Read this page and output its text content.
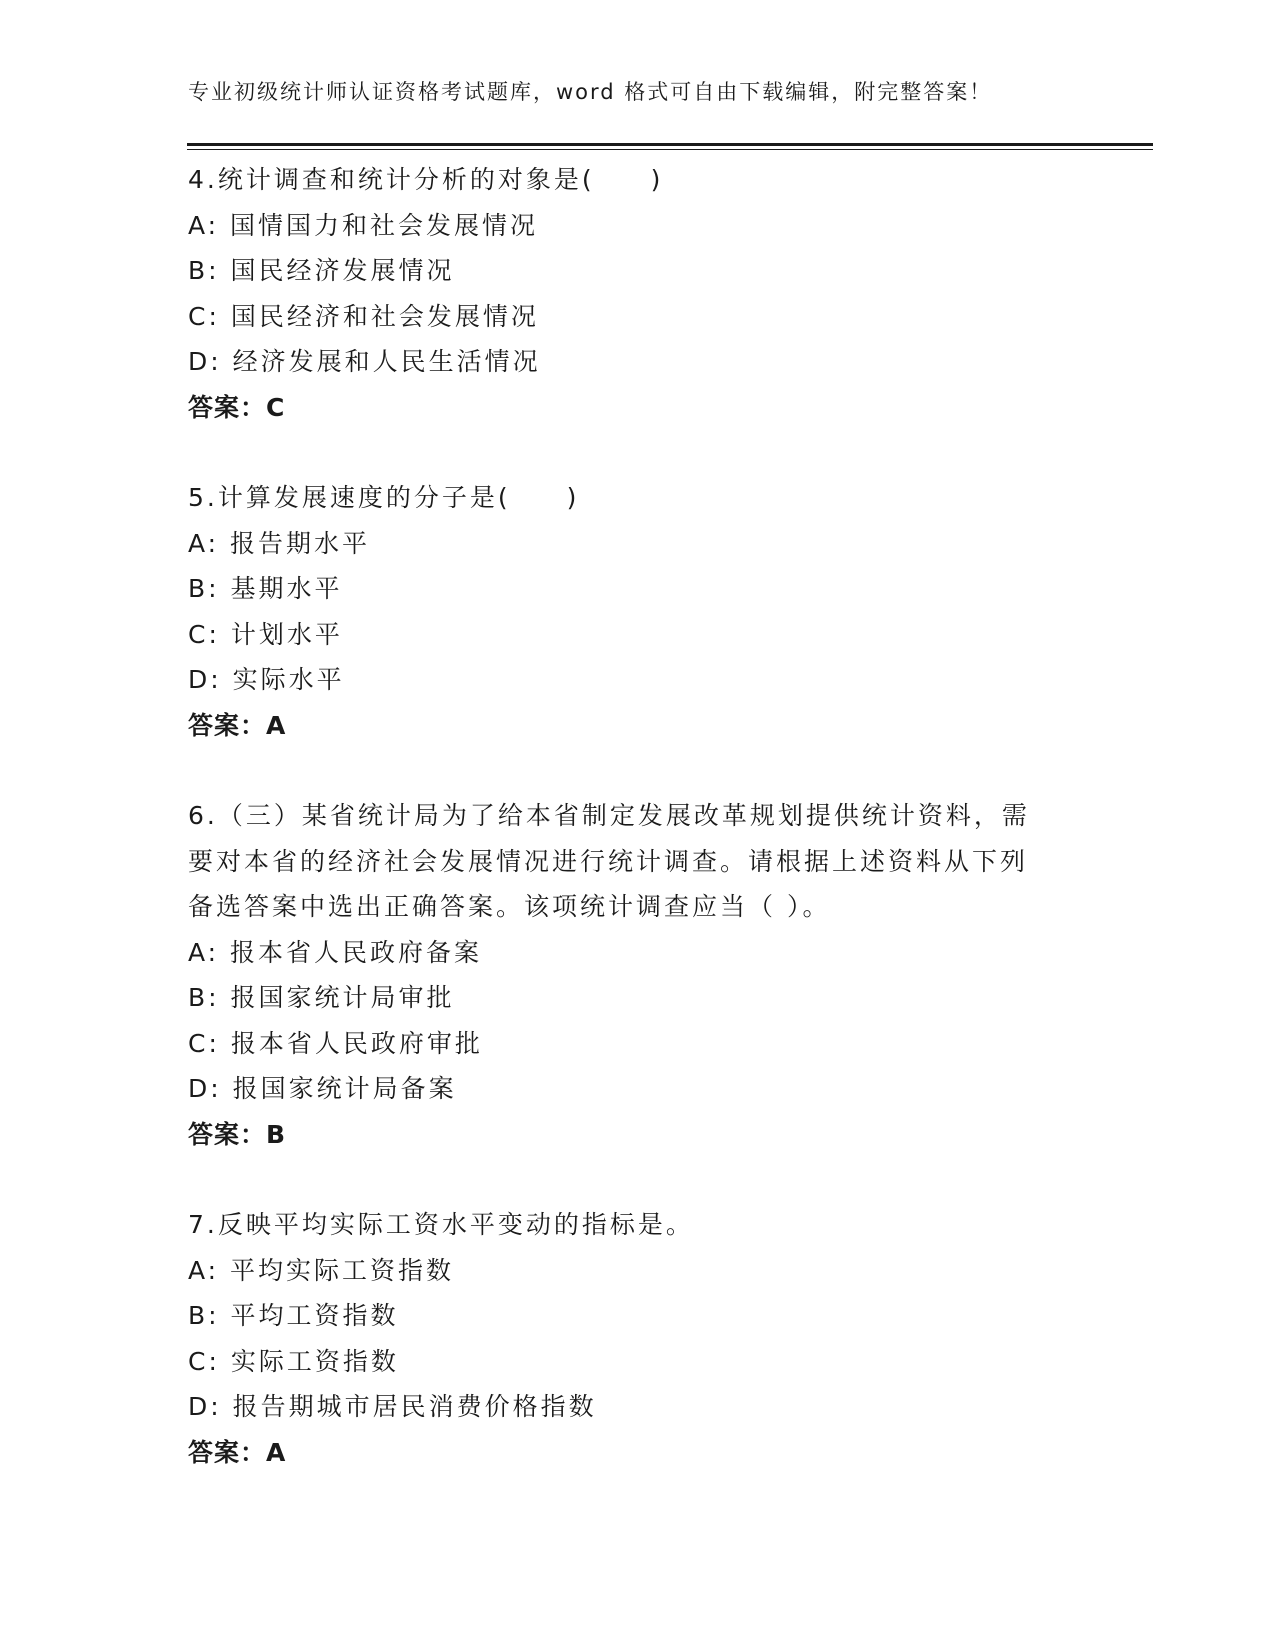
专业初级统计师认证资格考试题库，word 格式可自由下载编辑，附完整答案！
4.统计调查和统计分析的对象是(　　)
A: 国情国力和社会发展情况
B: 国民经济发展情况
C: 国民经济和社会发展情况
D: 经济发展和人民生活情况
答案：C
5.计算发展速度的分子是(　　)
A: 报告期水平
B: 基期水平
C: 计划水平
D: 实际水平
答案：A
6.（三）某省统计局为了给本省制定发展改革规划提供统计资料，需
要对本省的经济社会发展情况进行统计调查。请根据上述资料从下列
备选答案中选出正确答案。该项统计调查应当（ ）。
A: 报本省人民政府备案
B: 报国家统计局审批
C: 报本省人民政府审批
D: 报国家统计局备案
答案：B
7.反映平均实际工资水平变动的指标是。
A: 平均实际工资指数
B: 平均工资指数
C: 实际工资指数
D: 报告期城市居民消费价格指数
答案：A
